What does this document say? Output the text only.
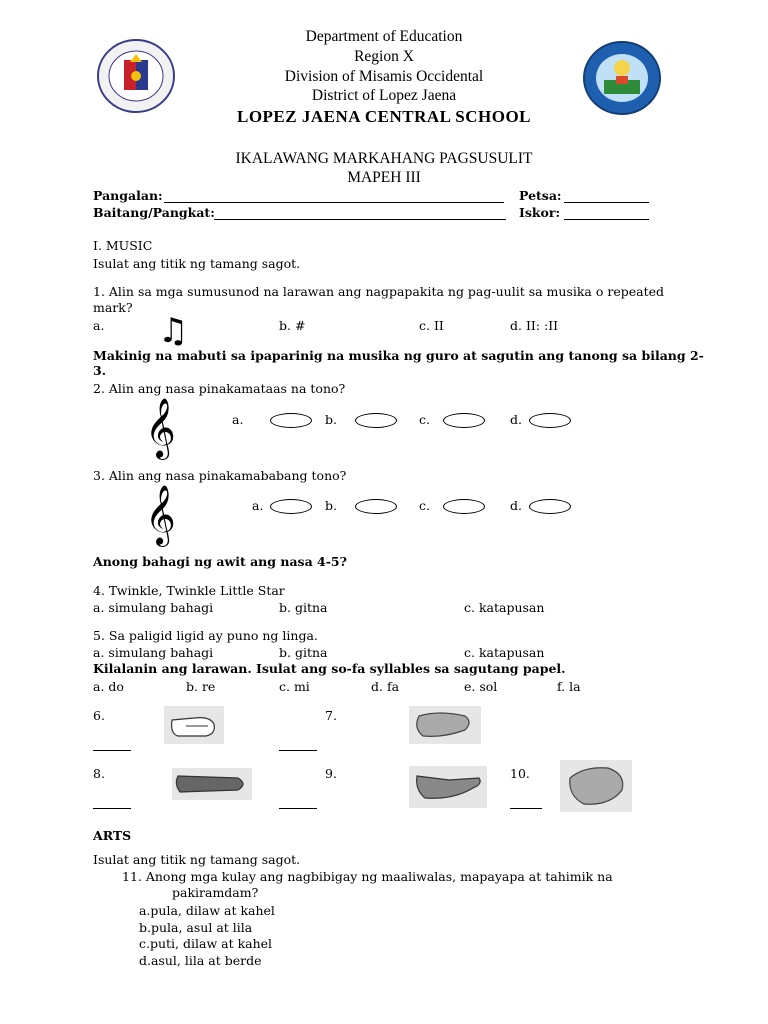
Department of Education
Region X
Division of Misamis Occidental
District of Lopez Jaena
LOPEZ JAENA CENTRAL SCHOOL
IKALAWANG MARKAHANG PAGSUSULIT
MAPEH III
Pangalan:	Petsa:
Baitang/Pangkat:	Iskor:
I. MUSIC
Isulat ang titik ng tamang sagot.
1. Alin sa mga sumusunod na larawan ang nagpapakita ng pag-uulit sa musika o repeated
mark?
a. ♫	b. #	c. II	d. II: :II
Makinig na mabuti sa ipaparinig na musika ng guro at sagutin ang tanong sa bilang 2-
3.
2. Alin ang nasa pinakamataas na tono?
𝄞	a.	b.	c.	d.
3. Alin ang nasa pinakamababang tono?
𝄞	a.	b.	c.	d.
Anong bahagi ng awit ang nasa 4-5?
4. Twinkle, Twinkle Little Star
a. simulang bahagi	b. gitna	c. katapusan
5. Sa paligid ligid ay puno ng linga.
a. simulang bahagi	b. gitna	c. katapusan
Kilalanin ang larawan. Isulat ang so-fa syllables sa sagutang papel.
a. do	b. re	c. mi	d. fa	e. sol	f. la
6.	7.
8.	9.	10.
ARTS
Isulat ang titik ng tamang sagot.
11. Anong mga kulay ang nagbibigay ng maaliwalas, mapayapa at tahimik na
pakiramdam?
a.pula, dilaw at kahel
b.pula, asul at lila
c.puti, dilaw at kahel
d.asul, lila at berde
